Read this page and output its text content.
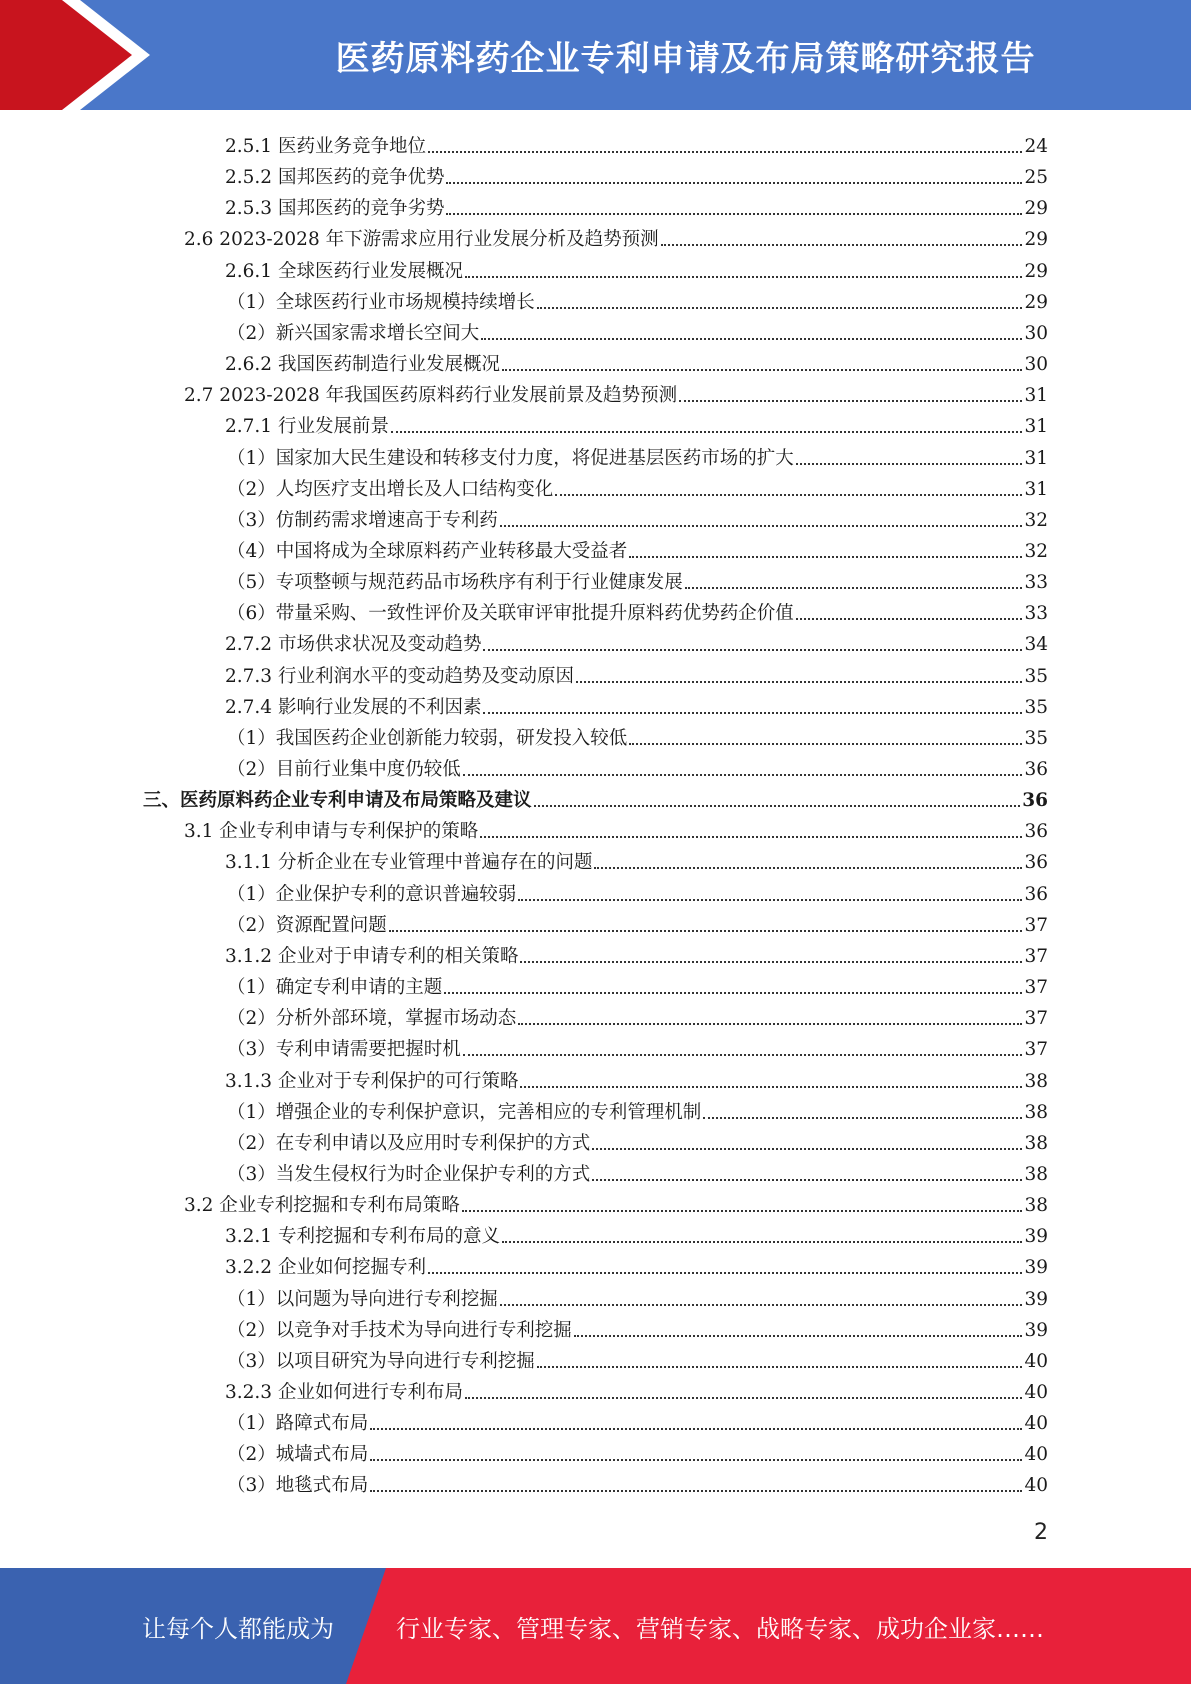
医药原料药企业专利申请及布局策略研究报告
2.5.1 医药业务竞争地位	24
2.5.2 国邦医药的竞争优势	25
2.5.3 国邦医药的竞争劣势	29
2.6 2023-2028 年下游需求应用行业发展分析及趋势预测	29
2.6.1 全球医药行业发展概况	29
（1）全球医药行业市场规模持续增长	29
（2）新兴国家需求增长空间大	30
2.6.2 我国医药制造行业发展概况	30
2.7 2023-2028 年我国医药原料药行业发展前景及趋势预测	31
2.7.1 行业发展前景	31
（1）国家加大民生建设和转移支付力度，将促进基层医药市场的扩大	31
（2）人均医疗支出增长及人口结构变化	31
（3）仿制药需求增速高于专利药	32
（4）中国将成为全球原料药产业转移最大受益者	32
（5）专项整顿与规范药品市场秩序有利于行业健康发展	33
（6）带量采购、一致性评价及关联审评审批提升原料药优势药企价值	33
2.7.2 市场供求状况及变动趋势	34
2.7.3 行业利润水平的变动趋势及变动原因	35
2.7.4 影响行业发展的不利因素	35
（1）我国医药企业创新能力较弱，研发投入较低	35
（2）目前行业集中度仍较低	36
三、医药原料药企业专利申请及布局策略及建议	36
3.1 企业专利申请与专利保护的策略	36
3.1.1 分析企业在专业管理中普遍存在的问题	36
（1）企业保护专利的意识普遍较弱	36
（2）资源配置问题	37
3.1.2 企业对于申请专利的相关策略	37
（1）确定专利申请的主题	37
（2）分析外部环境，掌握市场动态	37
（3）专利申请需要把握时机	37
3.1.3 企业对于专利保护的可行策略	38
（1）增强企业的专利保护意识，完善相应的专利管理机制	38
（2）在专利申请以及应用时专利保护的方式	38
（3）当发生侵权行为时企业保护专利的方式	38
3.2 企业专利挖掘和专利布局策略	38
3.2.1 专利挖掘和专利布局的意义	39
3.2.2 企业如何挖掘专利	39
（1）以问题为导向进行专利挖掘	39
（2）以竞争对手技术为导向进行专利挖掘	39
（3）以项目研究为导向进行专利挖掘	40
3.2.3 企业如何进行专利布局	40
（1）路障式布局	40
（2）城墙式布局	40
（3）地毯式布局	40
2
让每个人都能成为	行业专家、管理专家、营销专家、战略专家、成功企业家……
